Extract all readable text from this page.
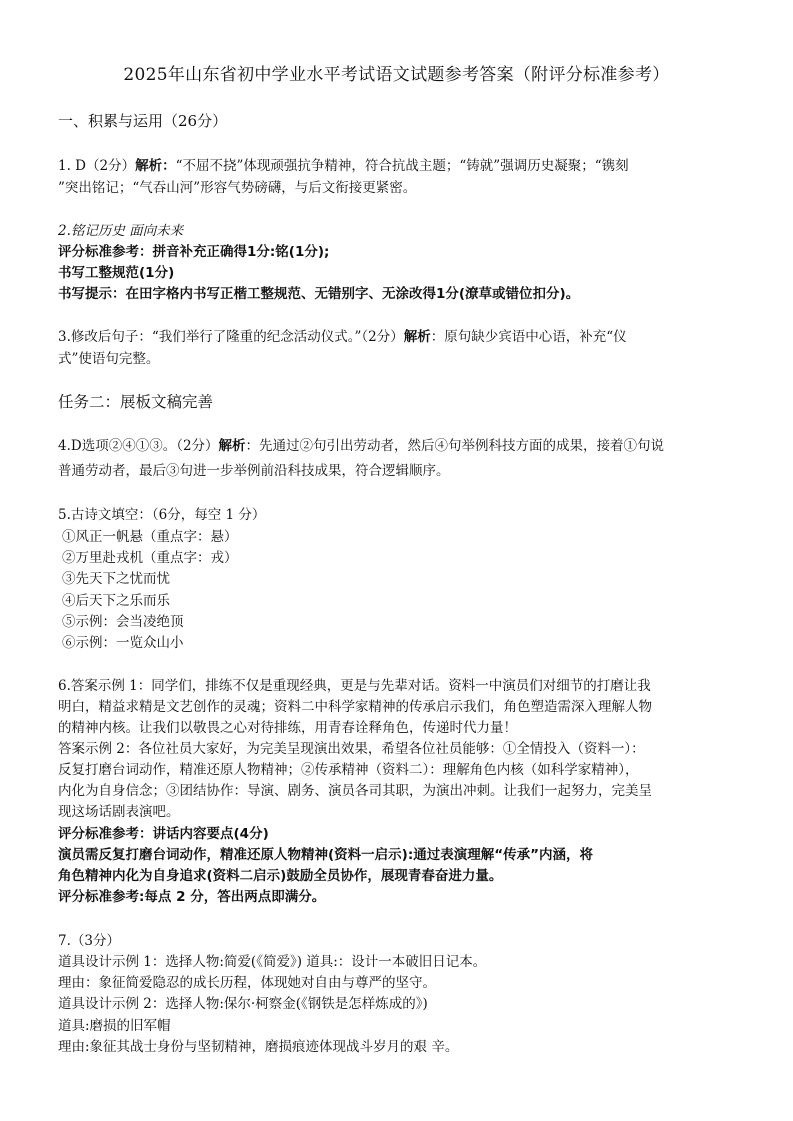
2025年山东省初中学业水平考试语文试题参考答案（附评分标准参考）
一、积累与运用（26分）
1. D（2分）解析：“不屈不挠”体现顽强抗争精神，符合抗战主题；“铸就”强调历史凝聚；“镌刻
”突出铭记；“气吞山河”形容气势磅礴，与后文衔接更紧密。
2.铭记历史 面向未来
评分标准参考：拼音补充正确得1分:铭(1分);
书写工整规范(1分)
书写提示：在田字格内书写正楷工整规范、无错别字、无涂改得1分(潦草或错位扣分)。
3.修改后句子：“我们举行了隆重的纪念活动仪式。”（2分）解析：原句缺少宾语中心语，补充“仪
式”使语句完整。
任务二：展板文稿完善
4.D选项②④①③。（2分）解析：先通过②句引出劳动者，然后④句举例科技方面的成果，接着①句说
普通劳动者，最后③句进一步举例前沿科技成果，符合逻辑顺序。
5.古诗文填空：（6分，每空 1 分）
①风正一帆悬（重点字：悬）
②万里赴戎机（重点字：戎）
③先天下之忧而忧
④后天下之乐而乐
⑤示例：会当凌绝顶
⑥示例：一览众山小
6.答案示例 1：同学们，排练不仅是重现经典，更是与先辈对话。资料一中演员们对细节的打磨让我
明白，精益求精是文艺创作的灵魂；资料二中科学家精神的传承启示我们，角色塑造需深入理解人物
的精神内核。让我们以敬畏之心对待排练，用青春诠释角色，传递时代力量！
答案示例 2：各位社员大家好，为完美呈现演出效果，希望各位社员能够：①全情投入（资料一）：
反复打磨台词动作，精准还原人物精神；②传承精神（资料二）：理解角色内核（如科学家精神），
内化为自身信念；③团结协作：导演、剧务、演员各司其职，为演出冲刺。让我们一起努力，完美呈
现这场话剧表演吧。
评分标准参考：讲话内容要点(4分)
演员需反复打磨台词动作，精准还原人物精神(资料一启示):通过表演理解“传承”内涵，将
角色精神内化为自身追求(资料二启示)鼓励全员协作，展现青春奋进力量。
评分标准参考:每点 2 分，答出两点即满分。
7.（3分）
道具设计示例 1：选择人物:简爱(《简爱》) 道具:：设计一本破旧日记本。
理由：象征简爱隐忍的成长历程，体现她对自由与尊严的坚守。
道具设计示例 2：选择人物:保尔·柯察金(《钢铁是怎样炼成的》)
道具:磨损的旧军帽
理由:象征其战士身份与坚韧精神，磨损痕迹体现战斗岁月的艰 辛。
